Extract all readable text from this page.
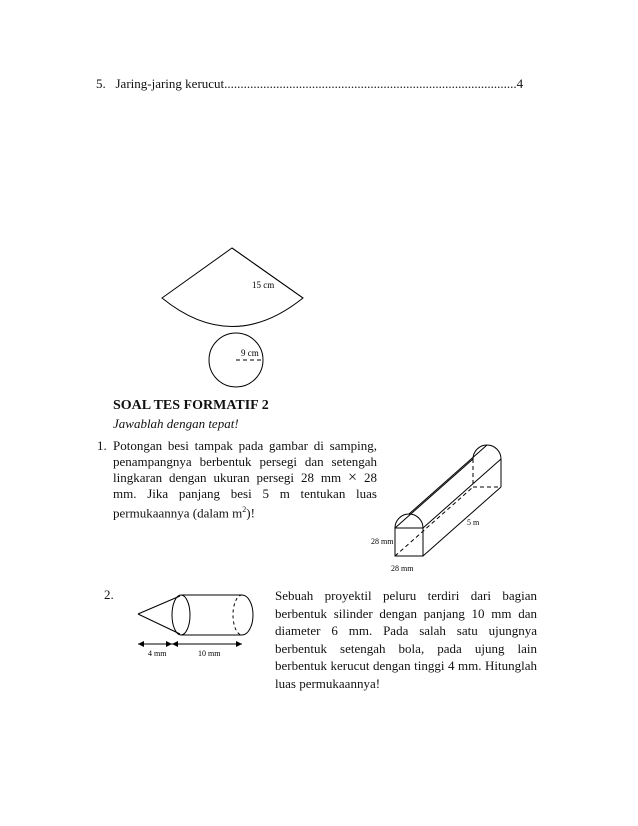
5. Jaring-jaring kerucut..........................................................................................4
15 cm
9 cm
SOAL TES FORMATIF 2
Jawablah dengan tepat!
1. Potongan besi tampak pada gambar di samping, penampangnya berbentuk persegi dan setengah lingkaran dengan ukuran persegi 28 mm × 28 mm. Jika panjang besi 5 m tentukan luas permukaannya (dalam $m^2$)!
5 m
28 mm
28 mm
2.	Sebuah proyektil peluru terdiri dari bagian berbentuk silinder dengan panjang 10 mm dan diameter 6 mm. Pada salah satu ujungnya berbentuk setengah bola, pada ujung lain berbentuk kerucut dengan tinggi 4 mm. Hitunglah luas permukaannya!
4 mm	10 mm
